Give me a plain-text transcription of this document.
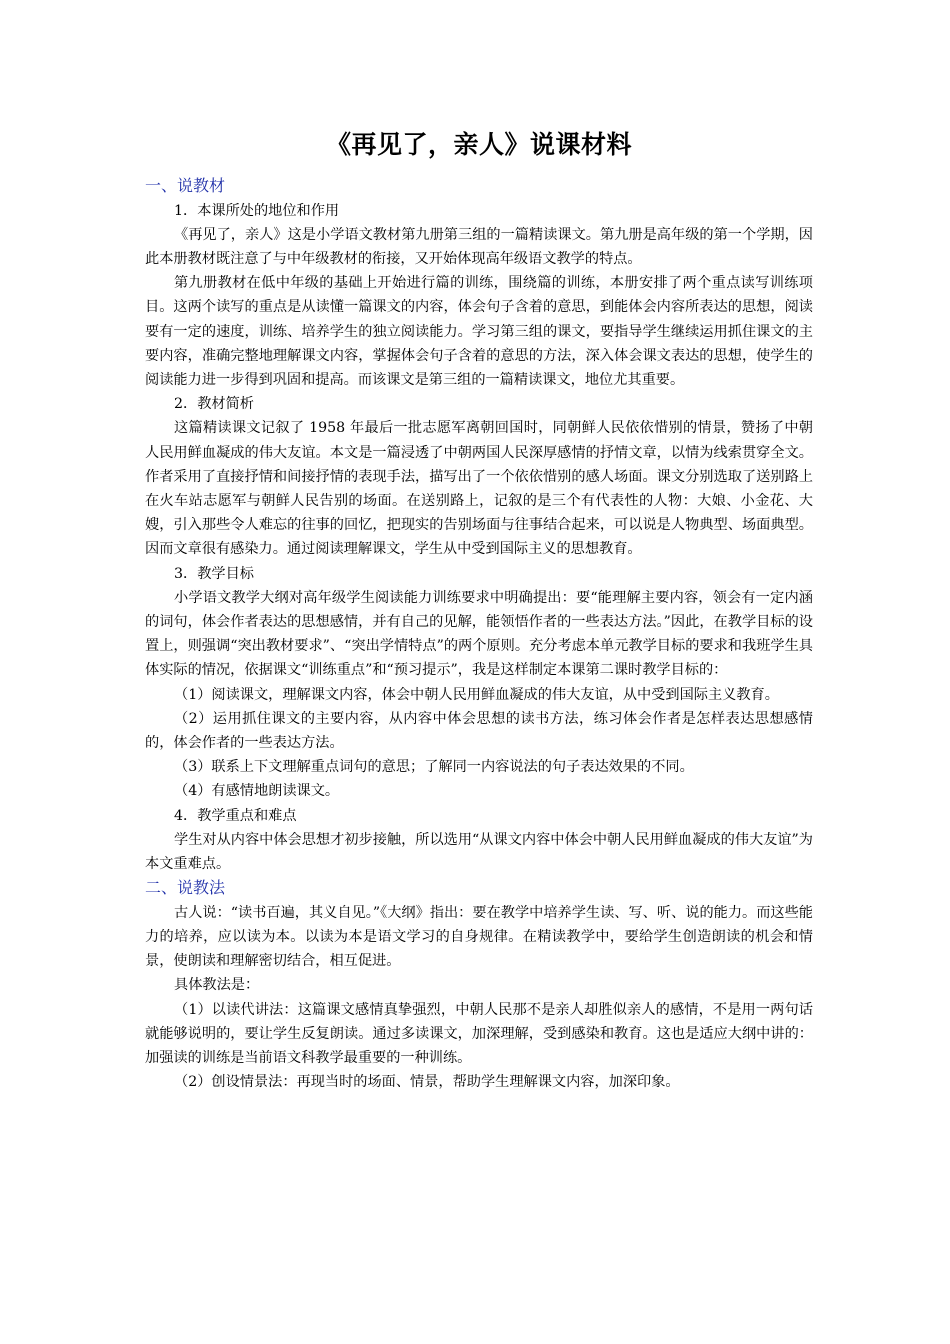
《再见了，亲人》说课材料
一、说教材
1．本课所处的地位和作用

《再见了，亲人》这是小学语文教材第九册第三组的一篇精读课文。第九册是高年级的第一个学期，因此本册教材既注意了与中年级教材的衔接，又开始体现高年级语文教学的特点。

第九册教材在低中年级的基础上开始进行篇的训练，围绕篇的训练，本册安排了两个重点读写训练项目。这两个读写的重点是从读懂一篇课文的内容，体会句子含着的意思，到能体会内容所表达的思想，阅读要有一定的速度，训练、培养学生的独立阅读能力。学习第三组的课文，要指导学生继续运用抓住课文的主要内容，准确完整地理解课文内容，掌握体会句子含着的意思的方法，深入体会课文表达的思想，使学生的阅读能力进一步得到巩固和提高。而该课文是第三组的一篇精读课文，地位尤其重要。

2．教材简析

这篇精读课文记叙了 1958 年最后一批志愿军离朝回国时，同朝鲜人民依依惜别的情景，赞扬了中朝人民用鲜血凝成的伟大友谊。本文是一篇浸透了中朝两国人民深厚感情的抒情文章，以情为线索贯穿全文。作者采用了直接抒情和间接抒情的表现手法，描写出了一个依依惜别的感人场面。课文分别选取了送别路上在火车站志愿军与朝鲜人民告别的场面。在送别路上，记叙的是三个有代表性的人物：大娘、小金花、大嫂，引入那些令人难忘的往事的回忆，把现实的告别场面与往事结合起来，可以说是人物典型、场面典型。因而文章很有感染力。通过阅读理解课文，学生从中受到国际主义的思想教育。

3．教学目标

小学语文教学大纲对高年级学生阅读能力训练要求中明确提出：要“能理解主要内容，领会有一定内涵的词句，体会作者表达的思想感情，并有自己的见解，能领悟作者的一些表达方法。”因此，在教学目标的设置上，则强调“突出教材要求”、“突出学情特点”的两个原则。充分考虑本单元教学目标的要求和我班学生具体实际的情况，依据课文“训练重点”和“预习提示”，我是这样制定本课第二课时教学目标的：

（1）阅读课文，理解课文内容，体会中朝人民用鲜血凝成的伟大友谊，从中受到国际主义教育。

（2）运用抓住课文的主要内容，从内容中体会思想的读书方法，练习体会作者是怎样表达思想感情的，体会作者的一些表达方法。

（3）联系上下文理解重点词句的意思；了解同一内容说法的句子表达效果的不同。

（4）有感情地朗读课文。

4．教学重点和难点

学生对从内容中体会思想才初步接触，所以选用“从课文内容中体会中朝人民用鲜血凝成的伟大友谊”为本文重难点。

二、说教法

古人说：“读书百遍，其义自见。”《大纲》指出：要在教学中培养学生读、写、听、说的能力。而这些能力的培养，应以读为本。以读为本是语文学习的自身规律。在精读教学中，要给学生创造朗读的机会和情景，使朗读和理解密切结合，相互促进。

具体教法是：

（1）以读代讲法：这篇课文感情真挚强烈，中朝人民那不是亲人却胜似亲人的感情，不是用一两句话就能够说明的，要让学生反复朗读。通过多读课文，加深理解，受到感染和教育。这也是适应大纲中讲的：加强读的训练是当前语文科教学最重要的一种训练。

（2）创设情景法：再现当时的场面、情景，帮助学生理解课文内容，加深印象。
